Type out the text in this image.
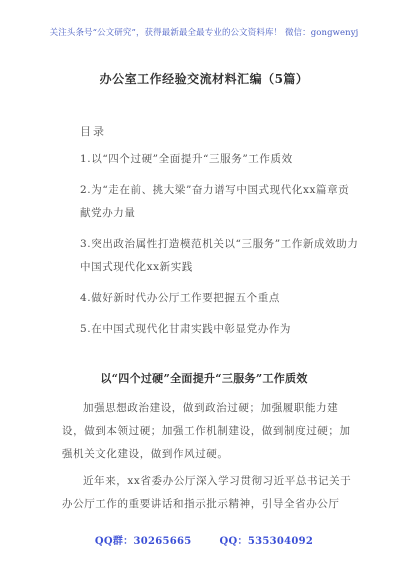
关注头条号“公文研究”，获得最新最全最专业的公文资料库！ 微信：gongwenyj
办公室工作经验交流材料汇编（5篇）
目录
1.以“四个过硬”全面提升“三服务”工作质效
2.为“走在前、挑大梁”奋力谱写中国式现代化xx篇章贡献党办力量
3.突出政治属性打造模范机关以“三服务”工作新成效助力中国式现代化xx新实践
4.做好新时代办公厅工作要把握五个重点
5.在中国式现代化甘肃实践中彰显党办作为
以“四个过硬”全面提升“三服务”工作质效

加强思想政治建设，做到政治过硬；加强履职能力建设，做到本领过硬；加强工作机制建设，做到制度过硬；加强机关文化建设，做到作风过硬。

近年来，xx省委办公厅深入学习贯彻习近平总书记关于办公厅工作的重要讲话和指示批示精神，引导全省办公厅

QQ群：30265665	QQ：535304092
